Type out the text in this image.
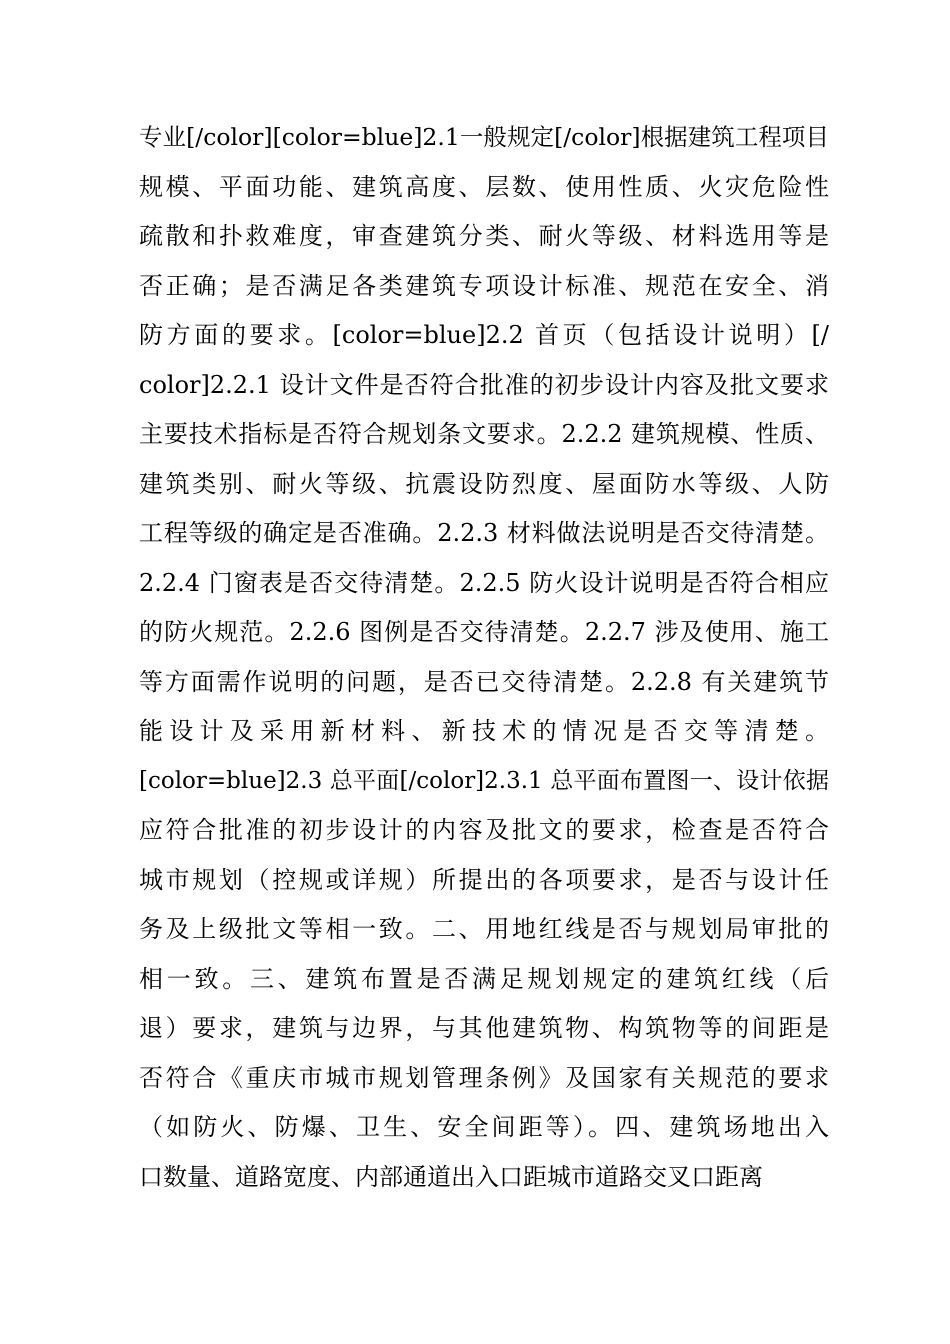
专业[/color][color=blue]2.1一般规定[/color]根据建筑工程项目
规模、平面功能、建筑高度、层数、使用性质、火灾危险性
疏散和扑救难度，审查建筑分类、耐火等级、材料选用等是
否正确；是否满足各类建筑专项设计标准、规范在安全、消
防方面的要求。[color=blue]2.2 首页（包括设计说明）[/
color]2.2.1 设计文件是否符合批准的初步设计内容及批文要求
主要技术指标是否符合规划条文要求。2.2.2 建筑规模、性质、
建筑类别、耐火等级、抗震设防烈度、屋面防水等级、人防
工程等级的确定是否准确。2.2.3 材料做法说明是否交待清楚。
2.2.4 门窗表是否交待清楚。2.2.5 防火设计说明是否符合相应
的防火规范。2.2.6 图例是否交待清楚。2.2.7 涉及使用、施工
等方面需作说明的问题，是否已交待清楚。2.2.8 有关建筑节
能设计及采用新材料、新技术的情况是否交等清楚。
[color=blue]2.3 总平面[/color]2.3.1 总平面布置图一、设计依据
应符合批准的初步设计的内容及批文的要求，检查是否符合
城市规划（控规或详规）所提出的各项要求，是否与设计任
务及上级批文等相一致。二、用地红线是否与规划局审批的
相一致。三、建筑布置是否满足规划规定的建筑红线（后
退）要求，建筑与边界，与其他建筑物、构筑物等的间距是
否符合《重庆市城市规划管理条例》及国家有关规范的要求
（如防火、防爆、卫生、安全间距等）。四、建筑场地出入
口数量、道路宽度、内部通道出入口距城市道路交叉口距离
